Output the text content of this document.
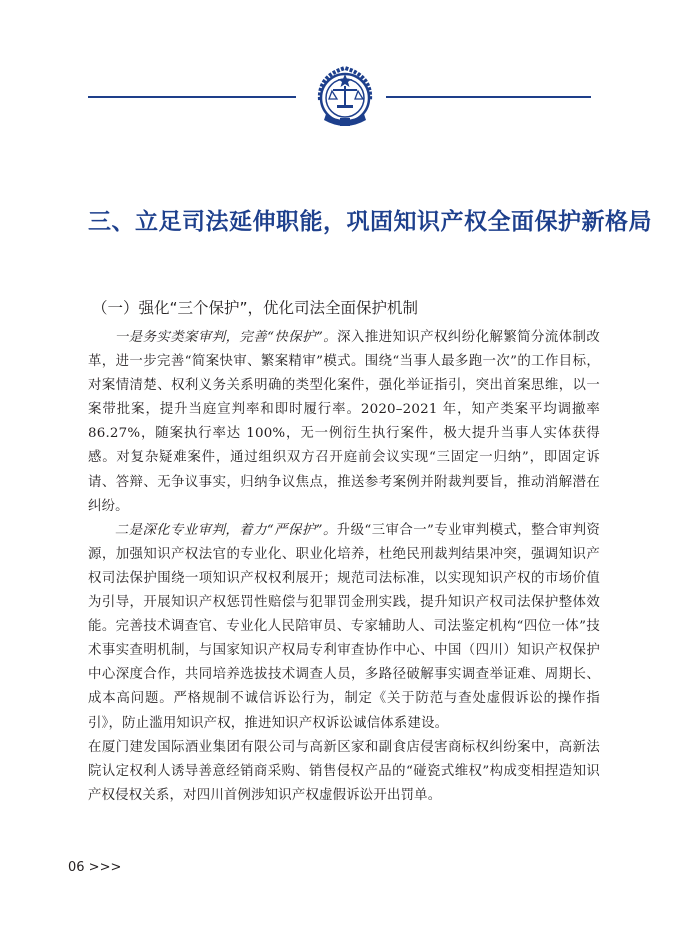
三、立足司法延伸职能，巩固知识产权全面保护新格局
（一）强化“三个保护”，优化司法全面保护机制

一是务实类案审判，完善“快保护”。深入推进知识产权纠纷化解繁简分流体制改革，进一步完善“简案快审、繁案精审”模式。围绕“当事人最多跑一次”的工作目标，对案情清楚、权利义务关系明确的类型化案件，强化举证指引，突出首案思维，以一案带批案，提升当庭宣判率和即时履行率。2020–2021 年，知产类案平均调撤率 86.27%，随案执行率达 100%，无一例衍生执行案件，极大提升当事人实体获得感。对复杂疑难案件，通过组织双方召开庭前会议实现“三固定一归纳”，即固定诉请、答辩、无争议事实，归纳争议焦点，推送参考案例并附裁判要旨，推动消解潜在纠纷。

二是深化专业审判，着力“严保护”。升级“三审合一”专业审判模式，整合审判资源，加强知识产权法官的专业化、职业化培养，杜绝民刑裁判结果冲突，强调知识产权司法保护围绕一项知识产权权利展开；规范司法标准，以实现知识产权的市场价值为引导，开展知识产权惩罚性赔偿与犯罪罚金刑实践，提升知识产权司法保护整体效能。完善技术调查官、专业化人民陪审员、专家辅助人、司法鉴定机构“四位一体”技术事实查明机制，与国家知识产权局专利审查协作中心、中国（四川）知识产权保护中心深度合作，共同培养选拔技术调查人员，多路径破解事实调查举证难、周期长、成本高问题。严格规制不诚信诉讼行为，制定《关于防范与查处虚假诉讼的操作指引》，防止滥用知识产权，推进知识产权诉讼诚信体系建设。

在厦门建发国际酒业集团有限公司与高新区家和副食店侵害商标权纠纷案中，高新法院认定权利人诱导善意经销商采购、销售侵权产品的“碰瓷式维权”构成变相捏造知识产权侵权关系，对四川首例涉知识产权虚假诉讼开出罚单。

06 >>>
